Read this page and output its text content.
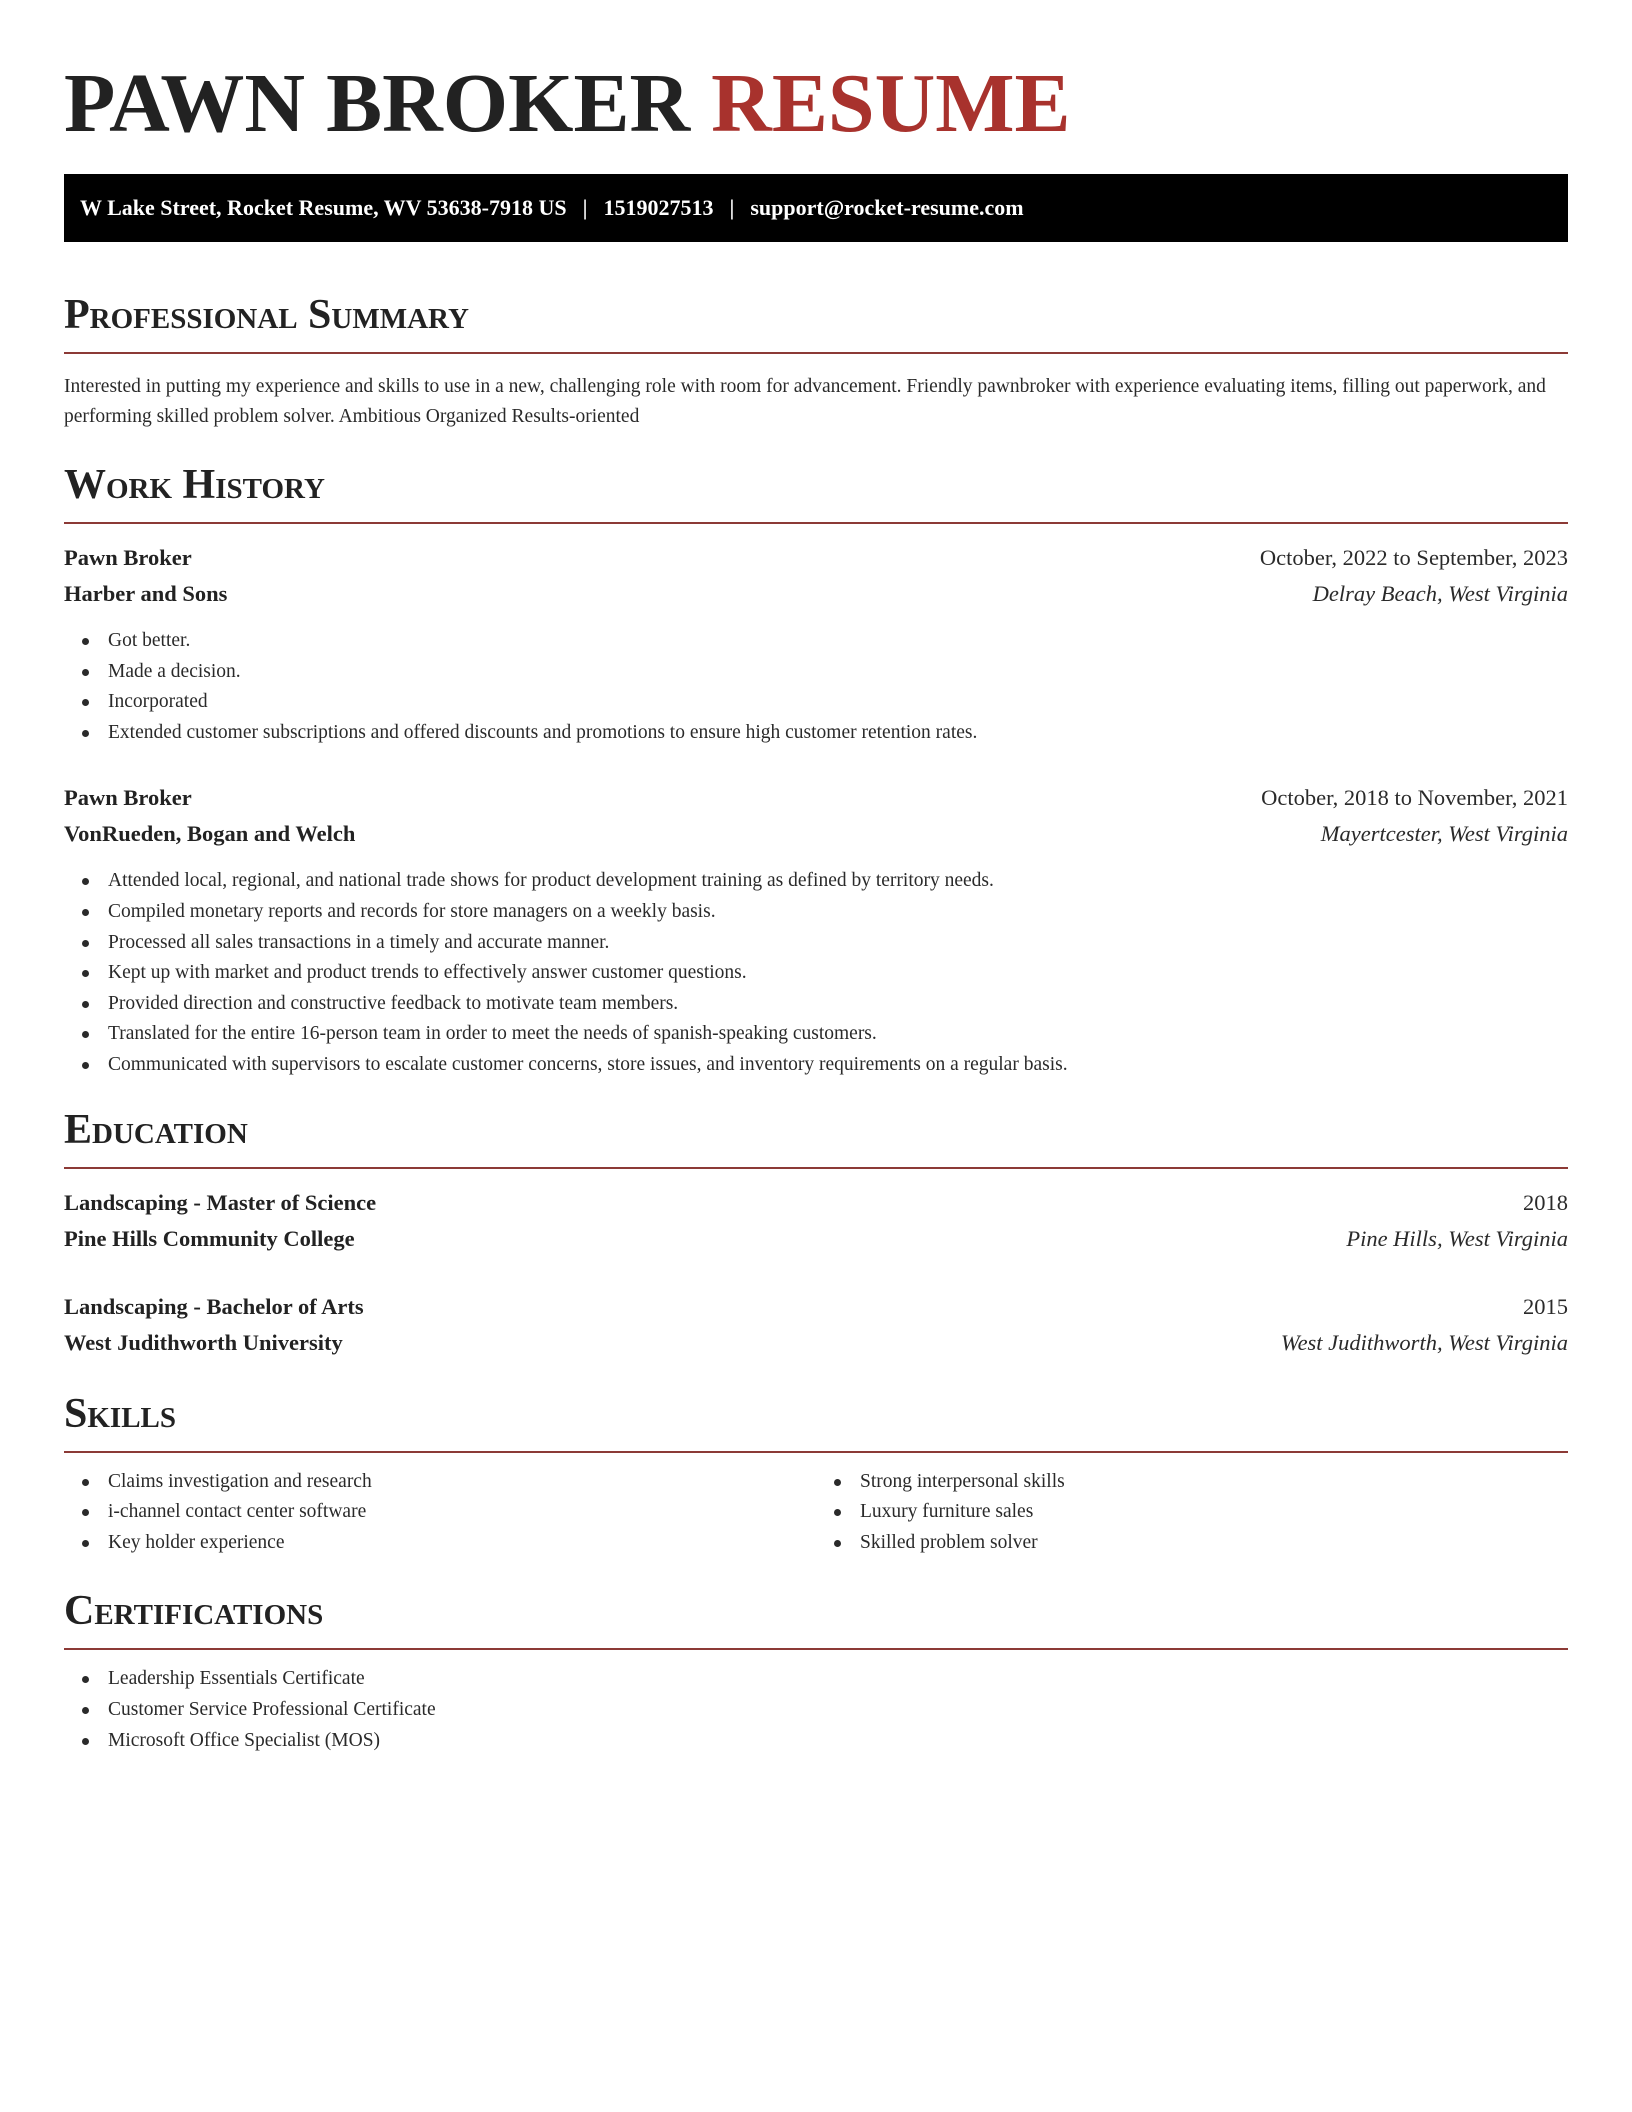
PAWN BROKER RESUME
W Lake Street, Rocket Resume, WV 53638-7918 US | 1519027513 | support@rocket-resume.com
Professional Summary

Interested in putting my experience and skills to use in a new, challenging role with room for advancement. Friendly pawnbroker with experience evaluating items, filling out paperwork, and performing skilled problem solver. Ambitious Organized Results-oriented

Work History
Pawn Broker	October, 2022 to September, 2023
Harber and Sons	Delray Beach, West Virginia
Got better.
Made a decision.
Incorporated
Extended customer subscriptions and offered discounts and promotions to ensure high customer retention rates.
Pawn Broker	October, 2018 to November, 2021
VonRueden, Bogan and Welch	Mayertcester, West Virginia
Attended local, regional, and national trade shows for product development training as defined by territory needs.
Compiled monetary reports and records for store managers on a weekly basis.
Processed all sales transactions in a timely and accurate manner.
Kept up with market and product trends to effectively answer customer questions.
Provided direction and constructive feedback to motivate team members.
Translated for the entire 16-person team in order to meet the needs of spanish-speaking customers.
Communicated with supervisors to escalate customer concerns, store issues, and inventory requirements on a regular basis.
Education
Landscaping - Master of Science	2018
Pine Hills Community College	Pine Hills, West Virginia
Landscaping - Bachelor of Arts	2015
West Judithworth University	West Judithworth, West Virginia
Skills
Claims investigation and research
i-channel contact center software
Key holder experience
Strong interpersonal skills
Luxury furniture sales
Skilled problem solver
Certifications
Leadership Essentials Certificate
Customer Service Professional Certificate
Microsoft Office Specialist (MOS)
